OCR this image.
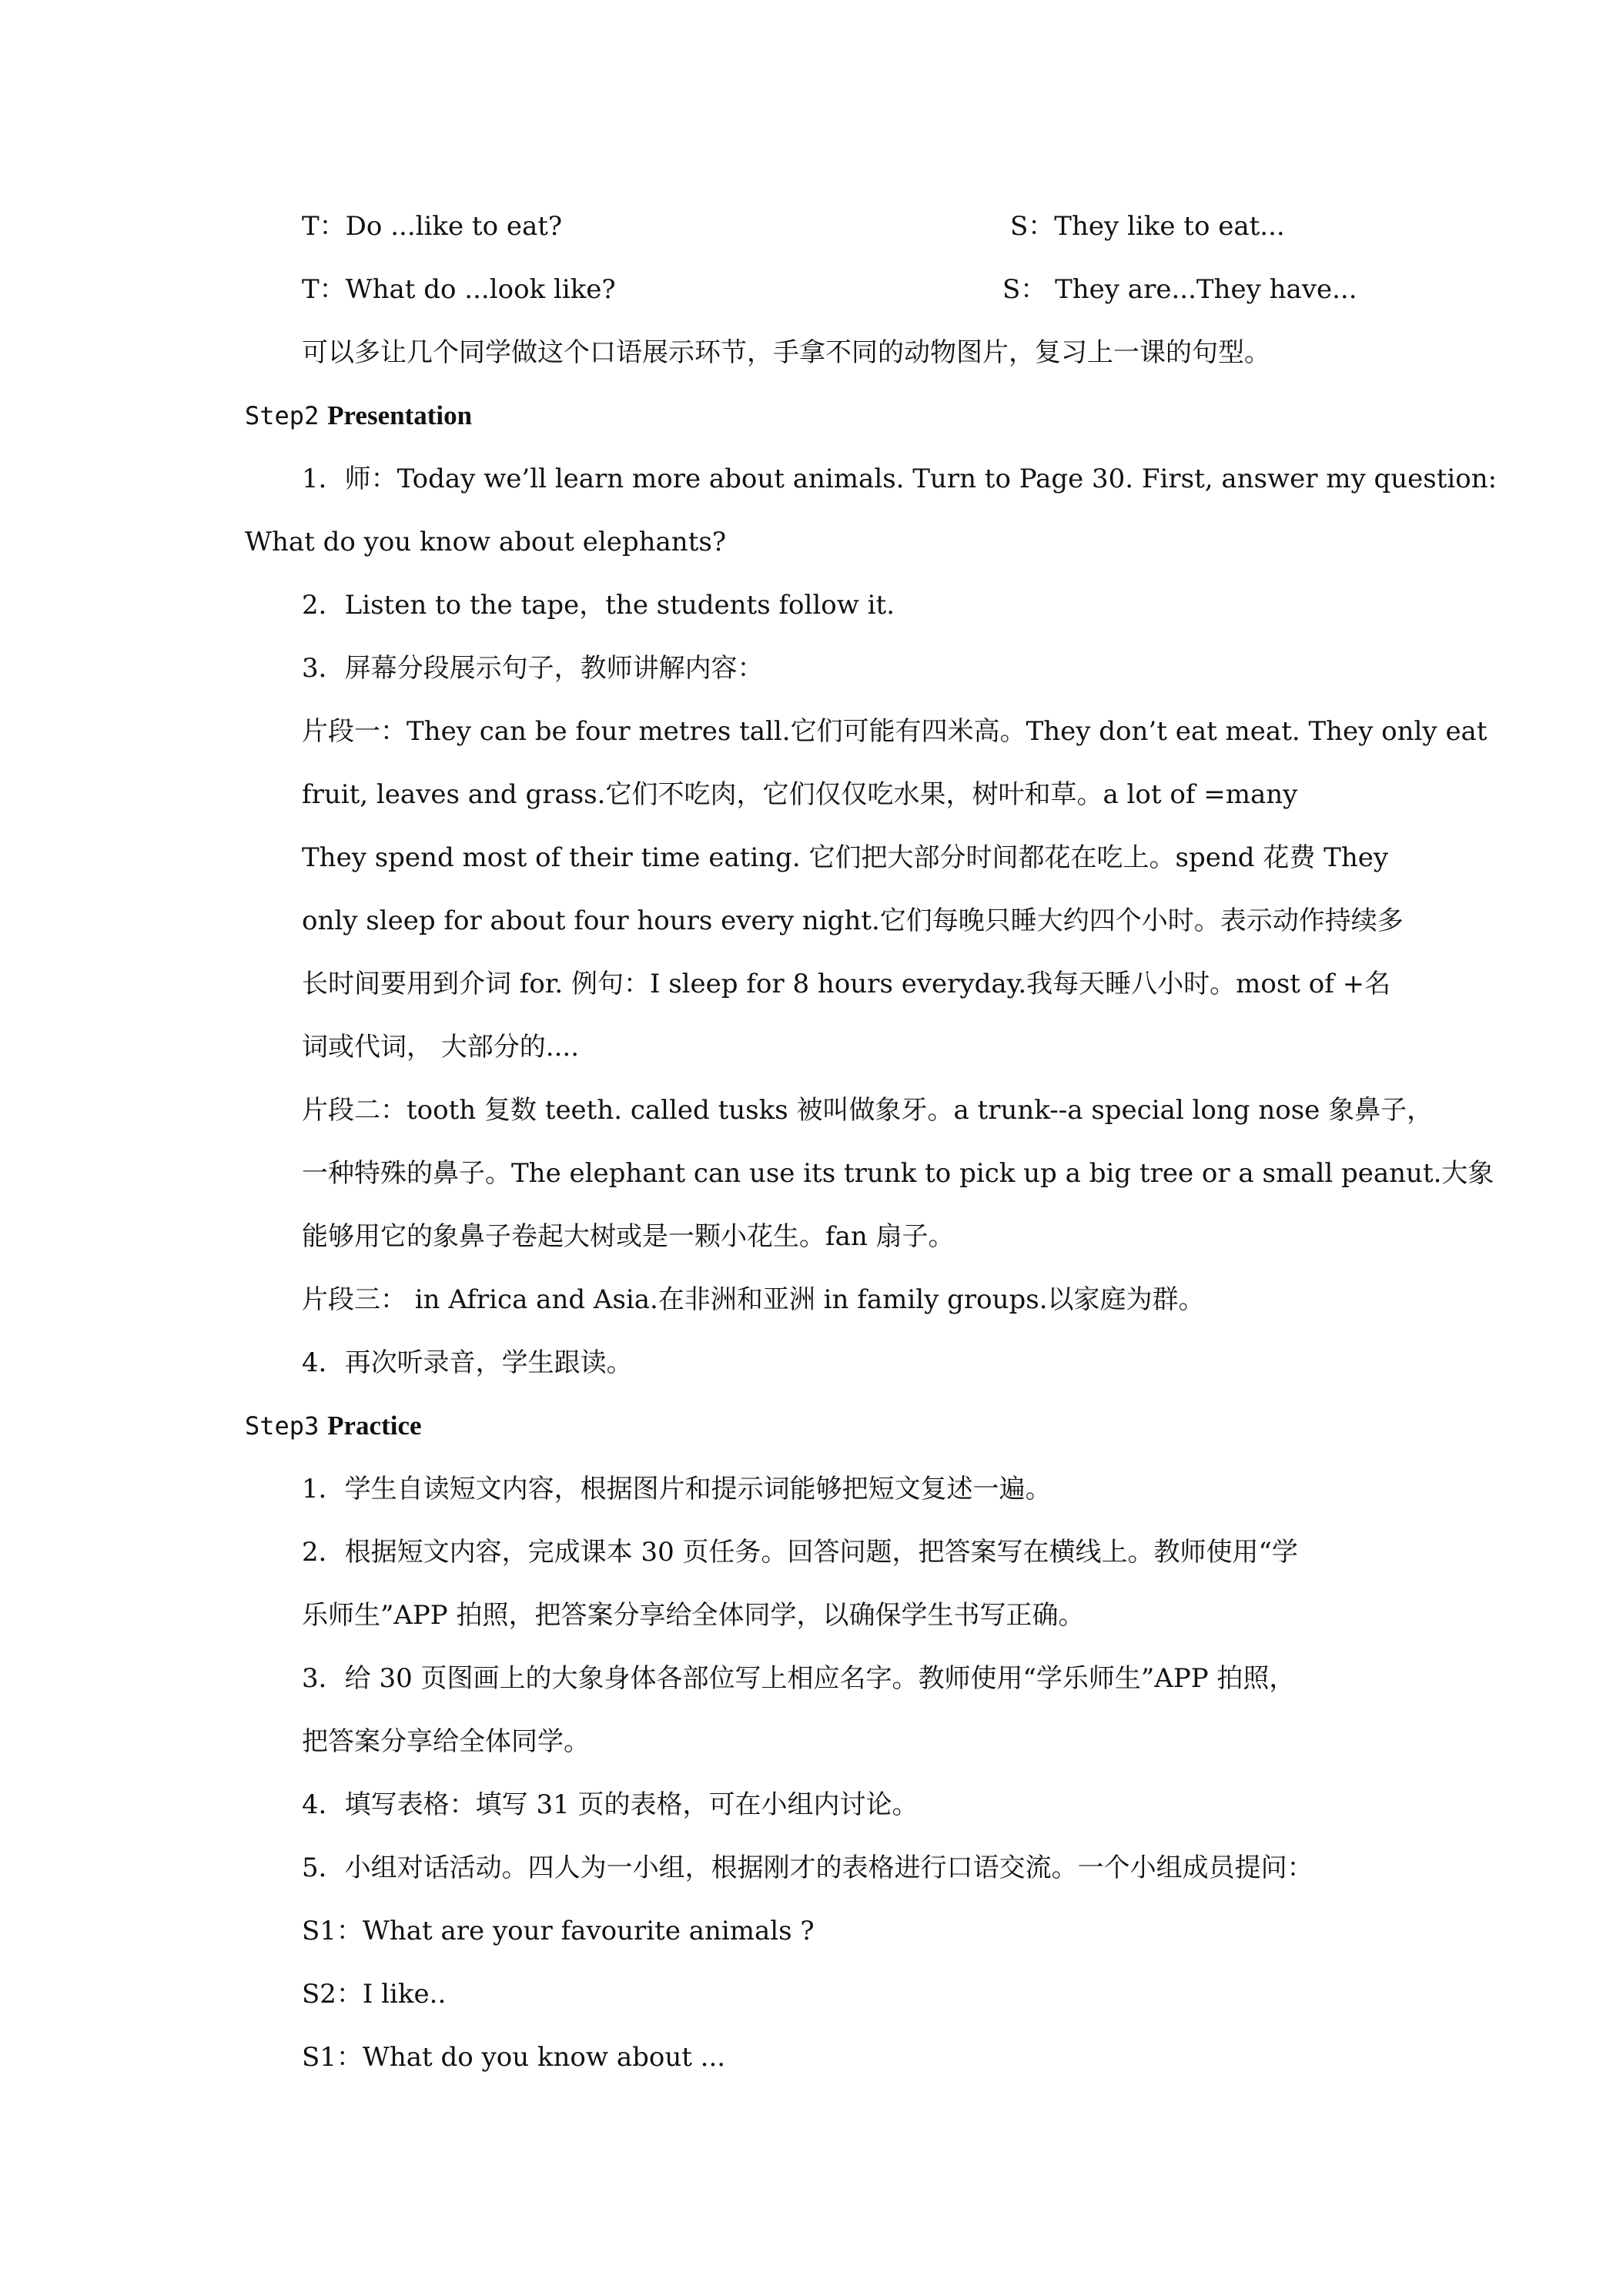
T：Do ...like to eat?	S：They like to eat...
T：What do ...look like?	S： They are...They have...
可以多让几个同学做这个口语展示环节，手拿不同的动物图片，复习上一课的句型。
Step2 Presentation
1．师：Today we’ll learn more about animals. Turn to Page 30. First, answer my question:
What do you know about elephants?
2．Listen to the tape，the students follow it.
3．屏幕分段展示句子，教师讲解内容：
片段一：They can be four metres tall.它们可能有四米高。They don’t eat meat. They only eat
fruit, leaves and grass.它们不吃肉，它们仅仅吃水果，树叶和草。a lot of =many
They spend most of their time eating. 它们把大部分时间都花在吃上。spend 花费 They
only sleep for about four hours every night.它们每晚只睡大约四个小时。表示动作持续多
长时间要用到介词 for. 例句：I sleep for 8 hours everyday.我每天睡八小时。most of +名
词或代词， 大部分的....
片段二：tooth 复数 teeth. called tusks 被叫做象牙。a trunk--a special long nose 象鼻子，
一种特殊的鼻子。The elephant can use its trunk to pick up a big tree or a small peanut.大象
能够用它的象鼻子卷起大树或是一颗小花生。fan 扇子。
片段三： in Africa and Asia.在非洲和亚洲 in family groups.以家庭为群。
4．再次听录音，学生跟读。
Step3 Practice
1．学生自读短文内容，根据图片和提示词能够把短文复述一遍。
2．根据短文内容，完成课本 30 页任务。回答问题，把答案写在横线上。教师使用“学
乐师生”APP 拍照，把答案分享给全体同学，以确保学生书写正确。
3．给 30 页图画上的大象身体各部位写上相应名字。教师使用“学乐师生”APP 拍照，
把答案分享给全体同学。
4．填写表格：填写 31 页的表格，可在小组内讨论。
5．小组对话活动。四人为一小组，根据刚才的表格进行口语交流。一个小组成员提问：
S1：What are your favourite animals ?
S2：I like..
S1：What do you know about ...
